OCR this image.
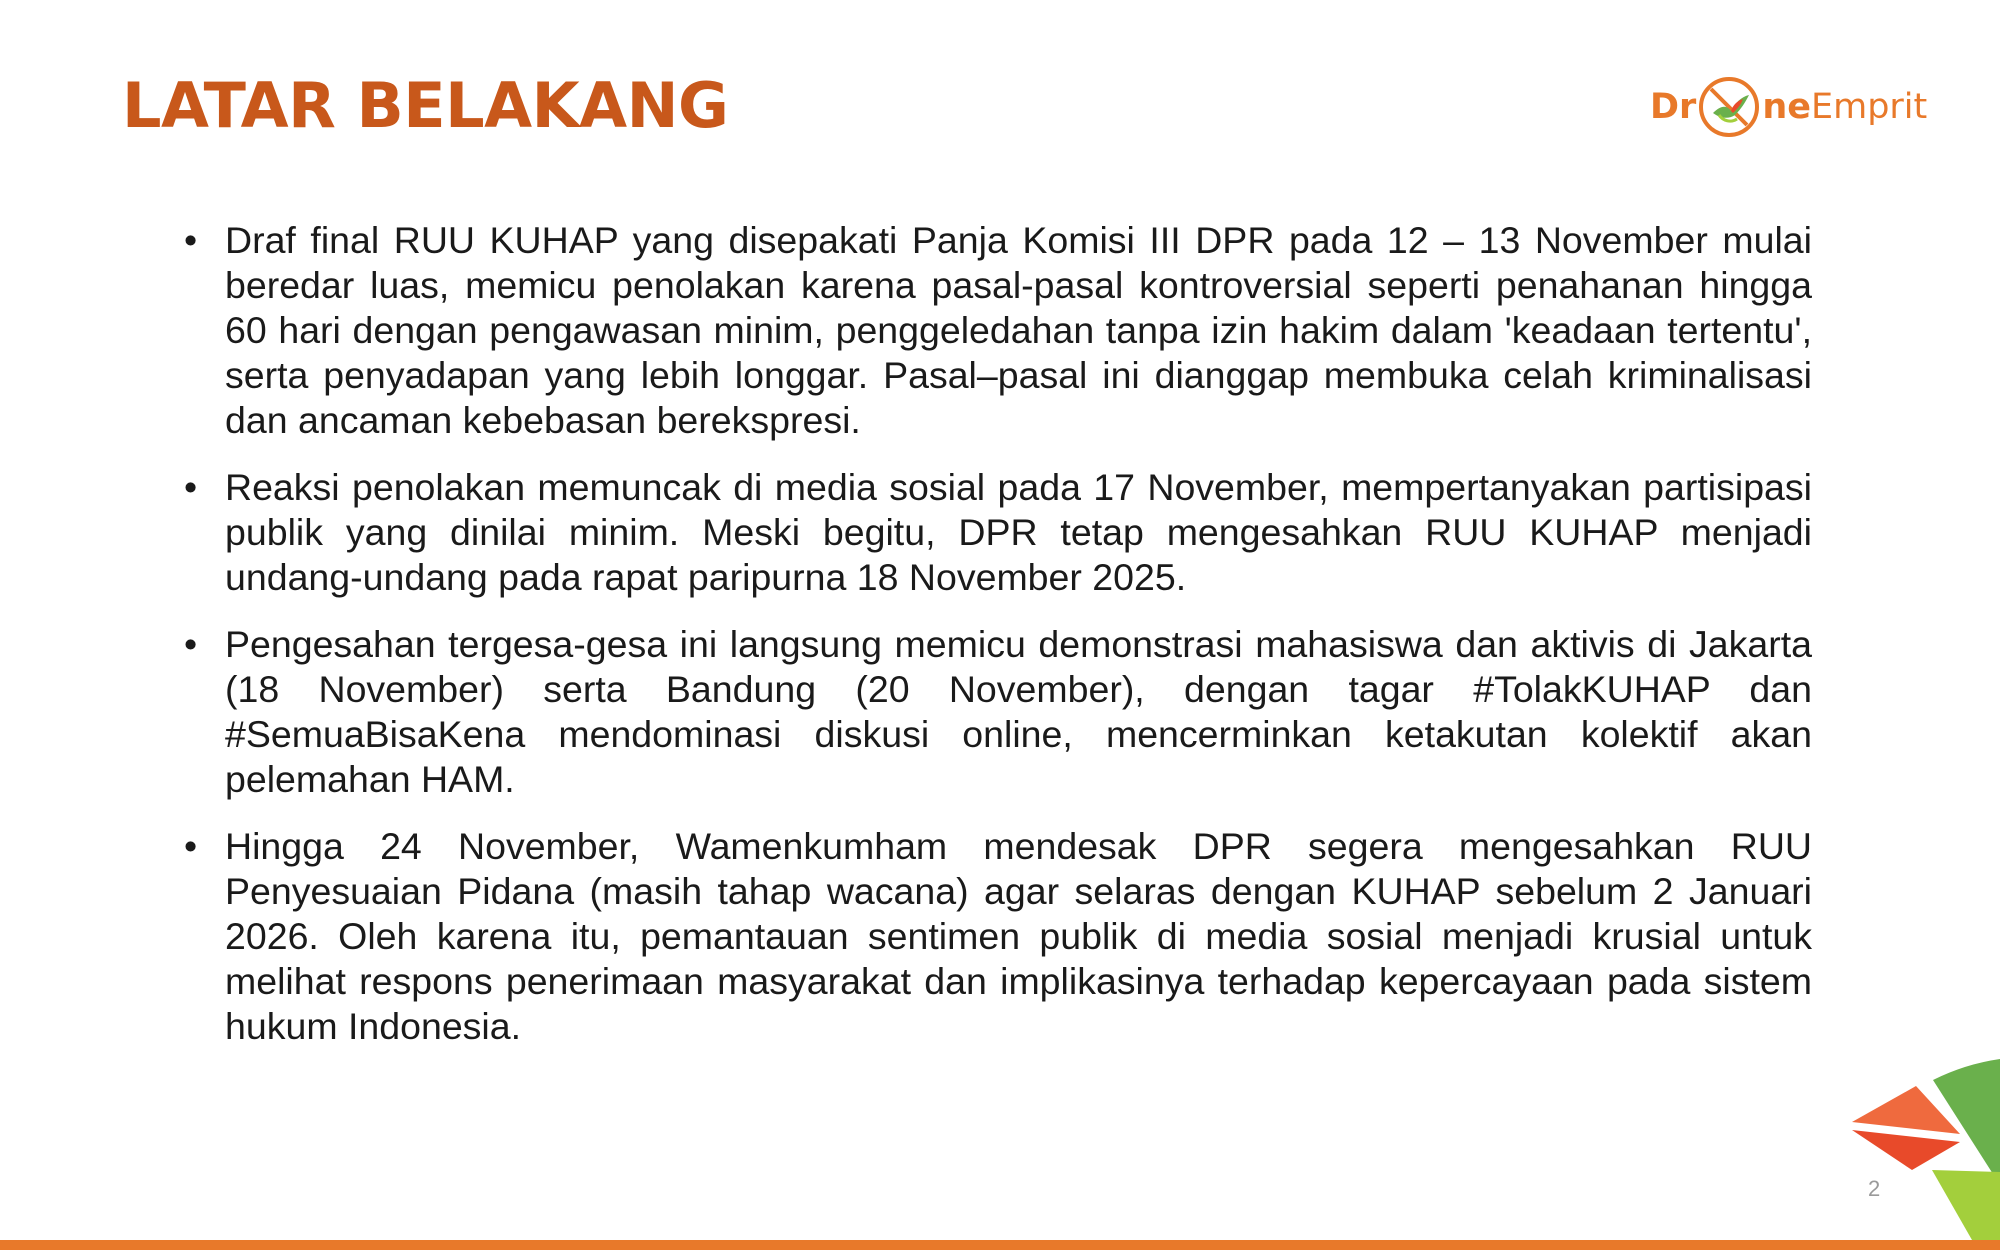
LATAR BELAKANG	Dr ne Emprit
• Draf final RUU KUHAP yang disepakati Panja Komisi III DPR pada 12 – 13 November mulai beredar luas, memicu penolakan karena pasal-pasal kontroversial seperti penahanan hingga 60 hari dengan pengawasan minim, penggeledahan tanpa izin hakim dalam 'keadaan tertentu', serta penyadapan yang lebih longgar. Pasal–pasal ini dianggap membuka celah kriminalisasi dan ancaman kebebasan berekspresi.
• Reaksi penolakan memuncak di media sosial pada 17 November, mempertanyakan partisipasi publik yang dinilai minim. Meski begitu, DPR tetap mengesahkan RUU KUHAP menjadi undang-undang pada rapat paripurna 18 November 2025.
• Pengesahan tergesa-gesa ini langsung memicu demonstrasi mahasiswa dan aktivis di Jakarta (18 November) serta Bandung (20 November), dengan tagar #TolakKUHAP dan #SemuaBisaKena mendominasi diskusi online, mencerminkan ketakutan kolektif akan pelemahan HAM.
• Hingga 24 November, Wamenkumham mendesak DPR segera mengesahkan RUU Penyesuaian Pidana (masih tahap wacana) agar selaras dengan KUHAP sebelum 2 Januari 2026. Oleh karena itu, pemantauan sentimen publik di media sosial menjadi krusial untuk melihat respons penerimaan masyarakat dan implikasinya terhadap kepercayaan pada sistem hukum Indonesia.
2
